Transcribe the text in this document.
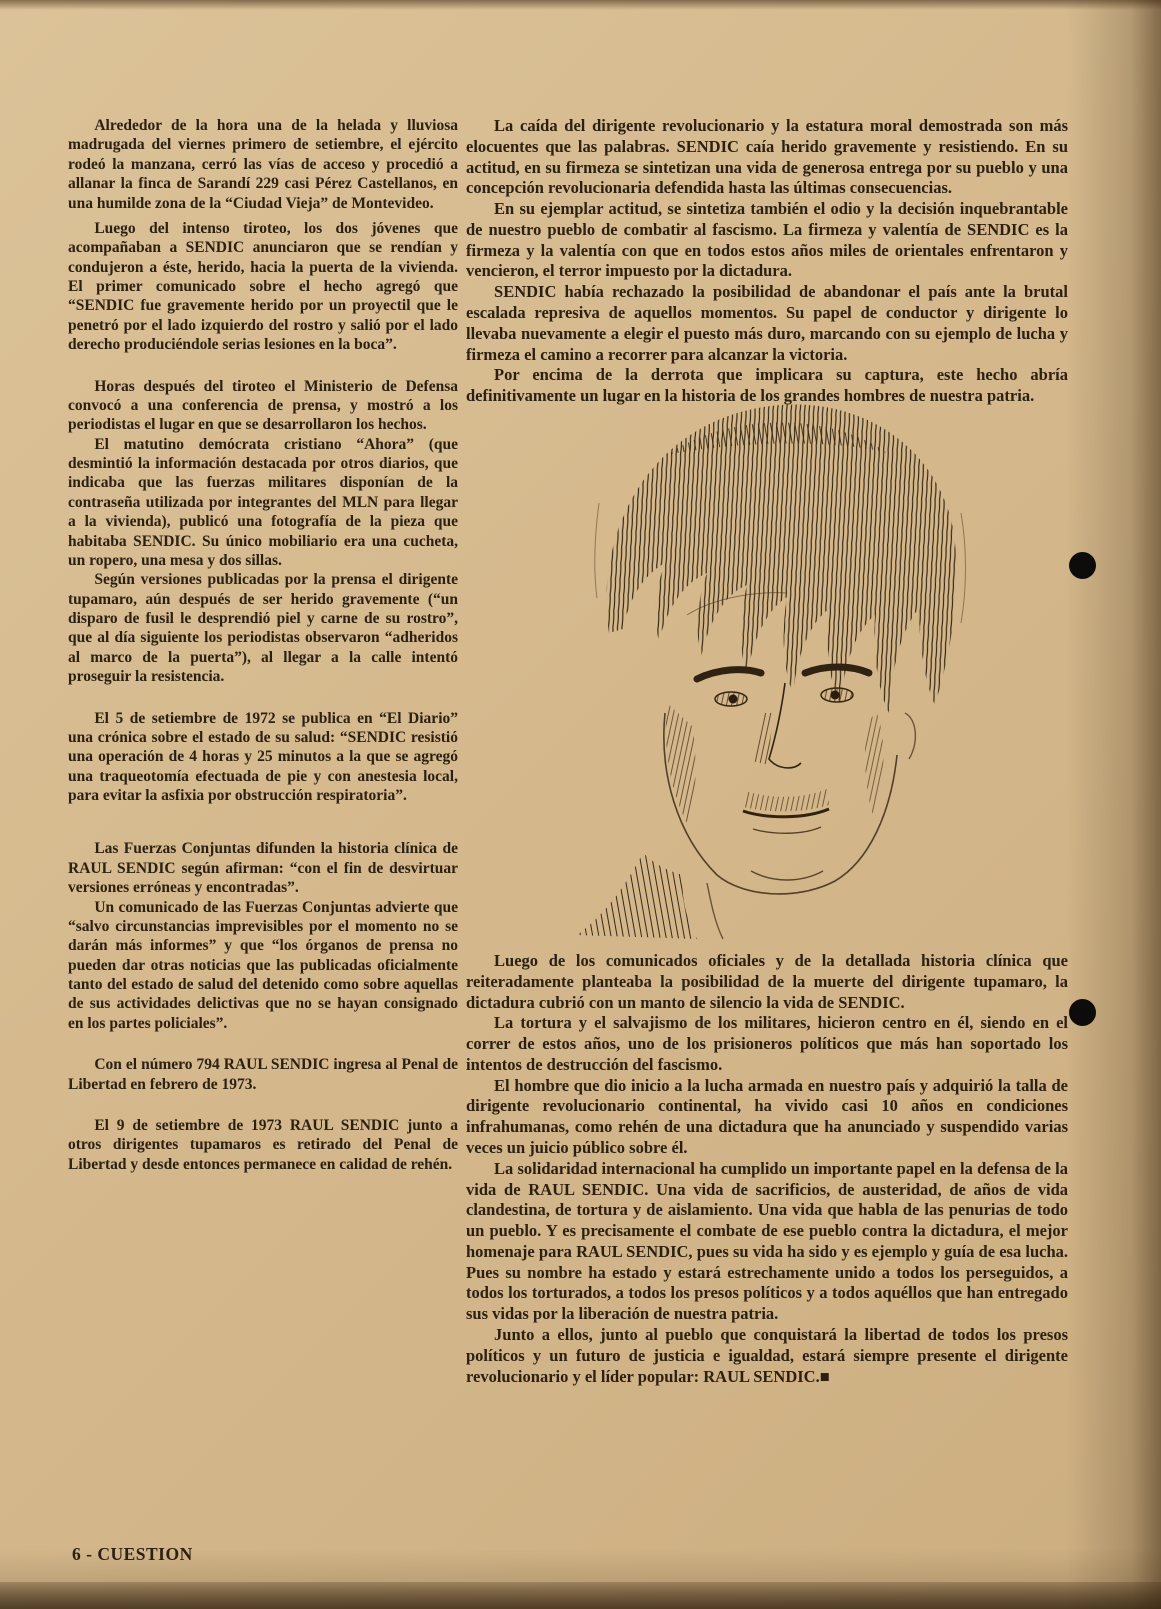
Alrededor de la hora una de la helada y lluviosa madrugada del viernes primero de setiembre, el ejército rodeó la manzana, cerró las vías de acceso y procedió a allanar la finca de Sarandí 229 casi Pérez Castellanos, en una humilde zona de la “Ciudad Vieja” de Montevideo.

Luego del intenso tiroteo, los dos jóvenes que acompañaban a SENDIC anunciaron que se rendían y condujeron a éste, herido, hacia la puerta de la vivienda. El primer comunicado sobre el hecho agregó que “SENDIC fue gravemente herido por un proyectil que le penetró por el lado izquierdo del rostro y salió por el lado derecho produciéndole serias lesiones en la boca”.

Horas después del tiroteo el Ministerio de Defensa convocó a una conferencia de prensa, y mostró a los periodistas el lugar en que se desarrollaron los hechos.

El matutino demócrata cristiano “Ahora” (que desmintió la información destacada por otros diarios, que indicaba que las fuerzas militares disponían de la contraseña utilizada por integrantes del MLN para llegar a la vivienda), publicó una fotografía de la pieza que habitaba SENDIC. Su único mobiliario era una cucheta, un ropero, una mesa y dos sillas.

Según versiones publicadas por la prensa el dirigente tupamaro, aún después de ser herido gravemente (“un disparo de fusil le desprendió piel y carne de su rostro”, que al día siguiente los periodistas observaron “adheridos al marco de la puerta”), al llegar a la calle intentó proseguir la resistencia.

El 5 de setiembre de 1972 se publica en “El Diario” una crónica sobre el estado de su salud: “SENDIC resistió una operación de 4 horas y 25 minutos a la que se agregó una traqueotomía efectuada de pie y con anestesia local, para evitar la asfixia por obstrucción respiratoria”.

Las Fuerzas Conjuntas difunden la historia clínica de RAUL SENDIC según afirman: “con el fin de desvirtuar versiones erróneas y encontradas”.

Un comunicado de las Fuerzas Conjuntas advierte que “salvo circunstancias imprevisibles por el momento no se darán más informes” y que “los órganos de prensa no pueden dar otras noticias que las publicadas oficialmente tanto del estado de salud del detenido como sobre aquellas de sus actividades delictivas que no se hayan consignado en los partes policiales”.

Con el número 794 RAUL SENDIC ingresa al Penal de Libertad en febrero de 1973.

El 9 de setiembre de 1973 RAUL SENDIC junto a otros dirigentes tupamaros es retirado del Penal de Libertad y desde entonces permanece en calidad de rehén.

La caída del dirigente revolucionario y la estatura moral demostrada son más elocuentes que las palabras. SENDIC caía herido gravemente y resistiendo. En su actitud, en su firmeza se sintetizan una vida de generosa entrega por su pueblo y una concepción revolucionaria defendida hasta las últimas consecuencias.

En su ejemplar actitud, se sintetiza también el odio y la decisión inquebrantable de nuestro pueblo de combatir al fascismo. La firmeza y valentía de SENDIC es la firmeza y la valentía con que en todos estos años miles de orientales enfrentaron y vencieron, el terror impuesto por la dictadura.

SENDIC había rechazado la posibilidad de abandonar el país ante la brutal escalada represiva de aquellos momentos. Su papel de conductor y dirigente lo llevaba nuevamente a elegir el puesto más duro, marcando con su ejemplo de lucha y firmeza el camino a recorrer para alcanzar la victoria.

Por encima de la derrota que implicara su captura, este hecho abría definitivamente un lugar en la historia de los grandes hombres de nuestra patria.

Luego de los comunicados oficiales y de la detallada historia clínica que reiteradamente planteaba la posibilidad de la muerte del dirigente tupamaro, la dictadura cubrió con un manto de silencio la vida de SENDIC.

La tortura y el salvajismo de los militares, hicieron centro en él, siendo en el correr de estos años, uno de los prisioneros políticos que más han soportado los intentos de destrucción del fascismo.

El hombre que dio inicio a la lucha armada en nuestro país y adquirió la talla de dirigente revolucionario continental, ha vivido casi 10 años en condiciones infrahumanas, como rehén de una dictadura que ha anunciado y suspendido varias veces un juicio público sobre él.

La solidaridad internacional ha cumplido un importante papel en la defensa de la vida de RAUL SENDIC. Una vida de sacrificios, de austeridad, de años de vida clandestina, de tortura y de aislamiento. Una vida que habla de las penurias de todo un pueblo. Y es precisamente el combate de ese pueblo contra la dictadura, el mejor homenaje para RAUL SENDIC, pues su vida ha sido y es ejemplo y guía de esa lucha. Pues su nombre ha estado y estará estrechamente unido a todos los perseguidos, a todos los torturados, a todos los presos políticos y a todos aquéllos que han entregado sus vidas por la liberación de nuestra patria.

Junto a ellos, junto al pueblo que conquistará la libertad de todos los presos políticos y un futuro de justicia e igualdad, estará siempre presente el dirigente revolucionario y el líder popular: RAUL SENDIC.■

6 - CUESTION
